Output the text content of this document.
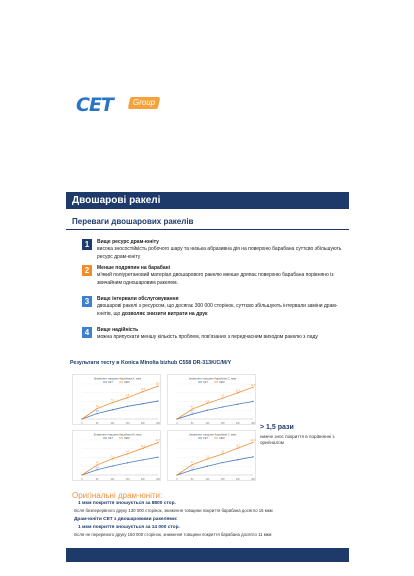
CET	Group
Двошарові ракелі
Переваги двошарових ракелів
1	Вище ресурс драм-юніту
висока зносостійкість робочого шару та низька абразивна дія на поверхню барабана суттєво збільшують ресурс драм-юніту
2	Менше подряпин на барабані
м'який поліуретановий матеріал двошарового ракелю менше дряпає поверхню барабана порівняно із звичайним одношаровим ракелем.
3	Вище інтервали обслуговування
двошарові ракелі з ресурсом, що досягає 300 000 сторінок, суттєво збільшують інтервали заміни драм-юнітів, що дозволяє знизити витрати на друк
4	Вище надійність
можна припускати меншу кількість проблем, пов'язаних з передчасним виходом ракелю з ладу
Результати тесту в Konica Minolta bizhub C558 DR-313K/C/M/Y
Зниження товщини барабана K, мкм
CET	OEM
0	50	100	150	200	250
4.8
2.5
7.5
9.8
12.5
15.0
Зниження товщини барабана C, мкм
CET	OEM
0	50	100	150	200	250
4.5
2.2
7.2
9.5
12.0
14.5
Зниження товщини барабана M, мкм
CET	OEM
0	50	100	150	200	250
4.6
2.4
7.4
9.7
12.2
14.8
Зниження товщини барабана Y, мкм
CET	OEM
0	50	100	150	200	250
4.7
2.3
7.3
9.6
12.3
14.9
> 1,5 рази
нижче знос покриття в порівнянні з оригіналом
Оригінальні драм-юніти:
1 мкм покриття зношується за 8800 стор.
після безперервного друку 130 000 сторінок, зниження товщини покриття барабана досягло 15 мкм
Драм-юніти CET з двошаровими ракелями:
1 мкм покриття зношується за 14 000 стор.
після не перервного друку 150 000 сторінок, зниження товщини покриття барабана досягло 11 мкм
